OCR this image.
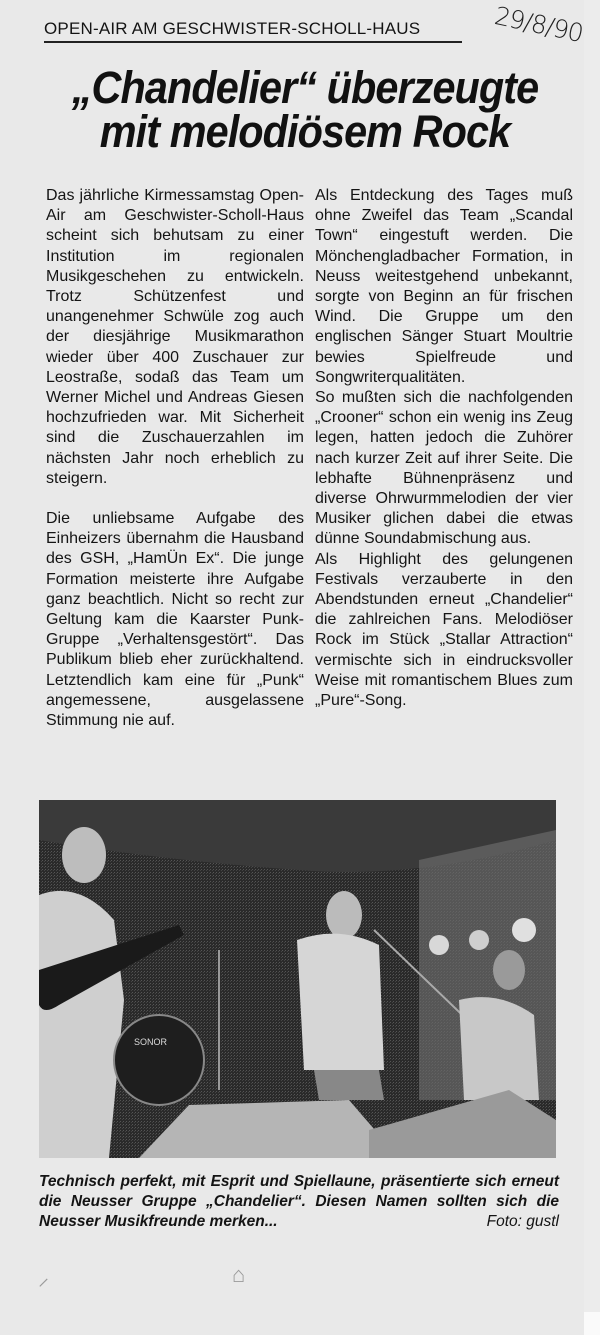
OPEN-AIR AM GESCHWISTER-SCHOLL-HAUS	29/8/90
„Chandelier“ überzeugte
mit melodiösem Rock

Das jährliche Kirmessamstag Open-Air am Geschwister-Scholl-Haus scheint sich behutsam zu einer Institution im regionalen Musikgeschehen zu entwickeln. Trotz Schützenfest und unangenehmer Schwüle zog auch der diesjährige Musikmarathon wieder über 400 Zuschauer zur Leostraße, sodaß das Team um Werner Michel und Andreas Giesen hochzufrieden war. Mit Sicherheit sind die Zuschauerzahlen im nächsten Jahr noch erheblich zu steigern.

Die unliebsame Aufgabe des Einheizers übernahm die Hausband des GSH, „HamÜn Ex“. Die junge Formation meisterte ihre Aufgabe ganz beachtlich. Nicht so recht zur Geltung kam die Kaarster Punk-Gruppe „Verhaltensgestört“. Das Publikum blieb eher zurückhaltend. Letztendlich kam eine für „Punk“ angemessene, ausgelassene Stimmung nie auf.

Als Entdeckung des Tages muß ohne Zweifel das Team „Scandal Town“ eingestuft werden. Die Mönchengladbacher Formation, in Neuss weitestgehend unbekannt, sorgte von Beginn an für frischen Wind. Die Gruppe um den englischen Sänger Stuart Moultrie bewies Spielfreude und Songwriterqualitäten.

So mußten sich die nachfolgenden „Crooner“ schon ein wenig ins Zeug legen, hatten jedoch die Zuhörer nach kurzer Zeit auf ihrer Seite. Die lebhafte Bühnenpräsenz und diverse Ohrwurmmelodien der vier Musiker glichen dabei die etwas dünne Soundabmischung aus.

Als Highlight des gelungenen Festivals verzauberte in den Abendstunden erneut „Chandelier“ die zahlreichen Fans. Melodiöser Rock im Stück „Stallar Attraction“ vermischte sich in eindrucksvoller Weise mit romantischem Blues zum „Pure“-Song.

SONOR
Technisch perfekt, mit Esprit und Spiellaune, präsentierte sich erneut die Neusser Gruppe „Chandelier“. Diesen Namen sollten sich die Neusser Musikfreunde merken...	Foto: gustl
⸝	⌂
